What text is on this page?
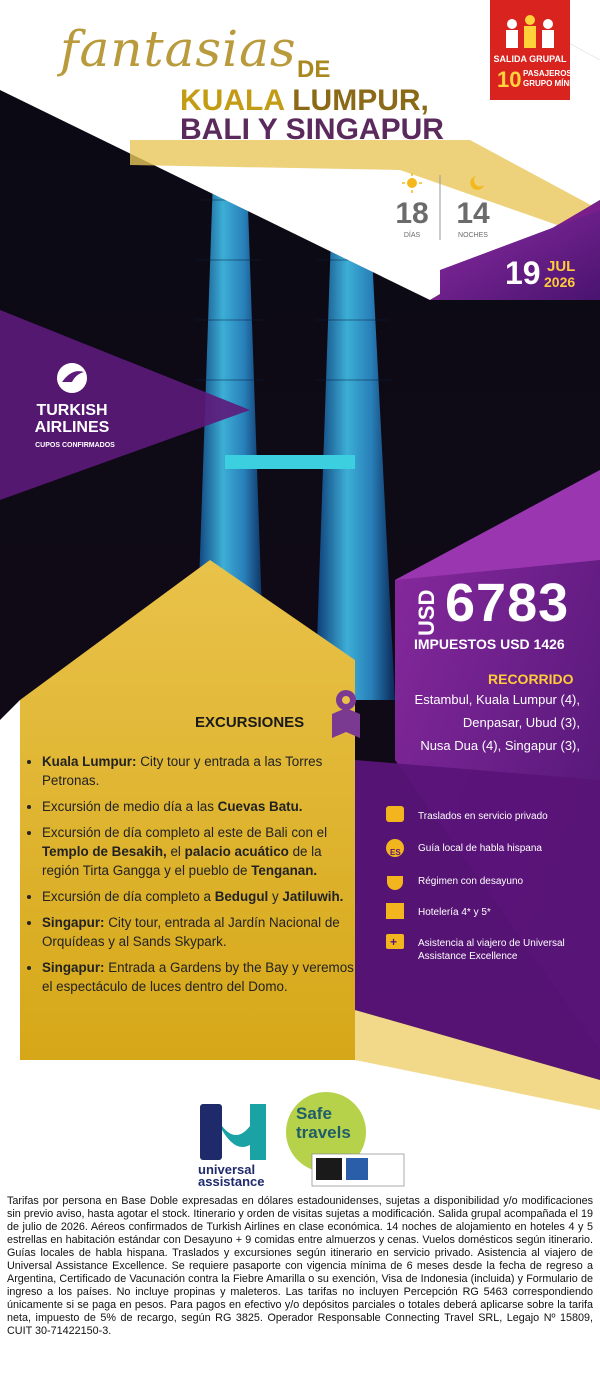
ES
+
fantasias DE
KUALA LUMPUR,
BALI Y SINGAPUR
SALIDA GRUPAL
10 PASAJEROS
GRUPO MÍNIMO
18
DÍAS
14
NOCHES
19 JUL
2026
TURKISH
AIRLINES
CUPOS CONFIRMADOS
USD 6783
IMPUESTOS USD 1426
RECORRIDO
Estambul, Kuala Lumpur (4),
Denpasar, Ubud (3),
Nusa Dua (4), Singapur (3),
EXCURSIONES
• Kuala Lumpur: City tour y entrada a las Torres Petronas.
• Excursión de medio día a las Cuevas Batu.
• Excursión de día completo al este de Bali con el Templo de Besakih, el palacio acuático de la región Tirta Gangga y el pueblo de Tenganan.
• Excursión de día completo a Bedugul y Jatiluwih.
• Singapur: City tour, entrada al Jardín Nacional de Orquídeas y al Sands Skypark.
• Singapur: Entrada a Gardens by the Bay y veremos el espectáculo de luces dentro del Domo.
Traslados en servicio privado
Guía local de habla hispana
Régimen con desayuno
Hotelería 4* y 5*
Asistencia al viajero de Universal Assistance Excellence
universal
assistance
Safe
travels
Tarifas por persona en Base Doble expresadas en dólares estadounidenses, sujetas a disponibilidad y/o modificaciones sin previo aviso, hasta agotar el stock. Itinerario y orden de visitas sujetas a modificación. Salida grupal acompañada el 19 de julio de 2026. Aéreos confirmados de Turkish Airlines en clase económica. 14 noches de alojamiento en hoteles 4 y 5 estrellas en habitación estándar con Desayuno + 9 comidas entre almuerzos y cenas. Vuelos domésticos según itinerario. Guías locales de habla hispana. Traslados y excursiones según itinerario en servicio privado. Asistencia al viajero de Universal Assistance Excellence. Se requiere pasaporte con vigencia mínima de 6 meses desde la fecha de regreso a Argentina, Certificado de Vacunación contra la Fiebre Amarilla o su exención, Visa de Indonesia (incluida) y Formulario de ingreso a los países. No incluye propinas y maleteros. Las tarifas no incluyen Percepción RG 5463 correspondiendo únicamente si se paga en pesos. Para pagos en efectivo y/o depósitos parciales o totales deberá aplicarse sobre la tarifa neta, impuesto de 5% de recargo, según RG 3825. Operador Responsable Connecting Travel SRL, Legajo Nº 15809, CUIT 30-71422150-3.
